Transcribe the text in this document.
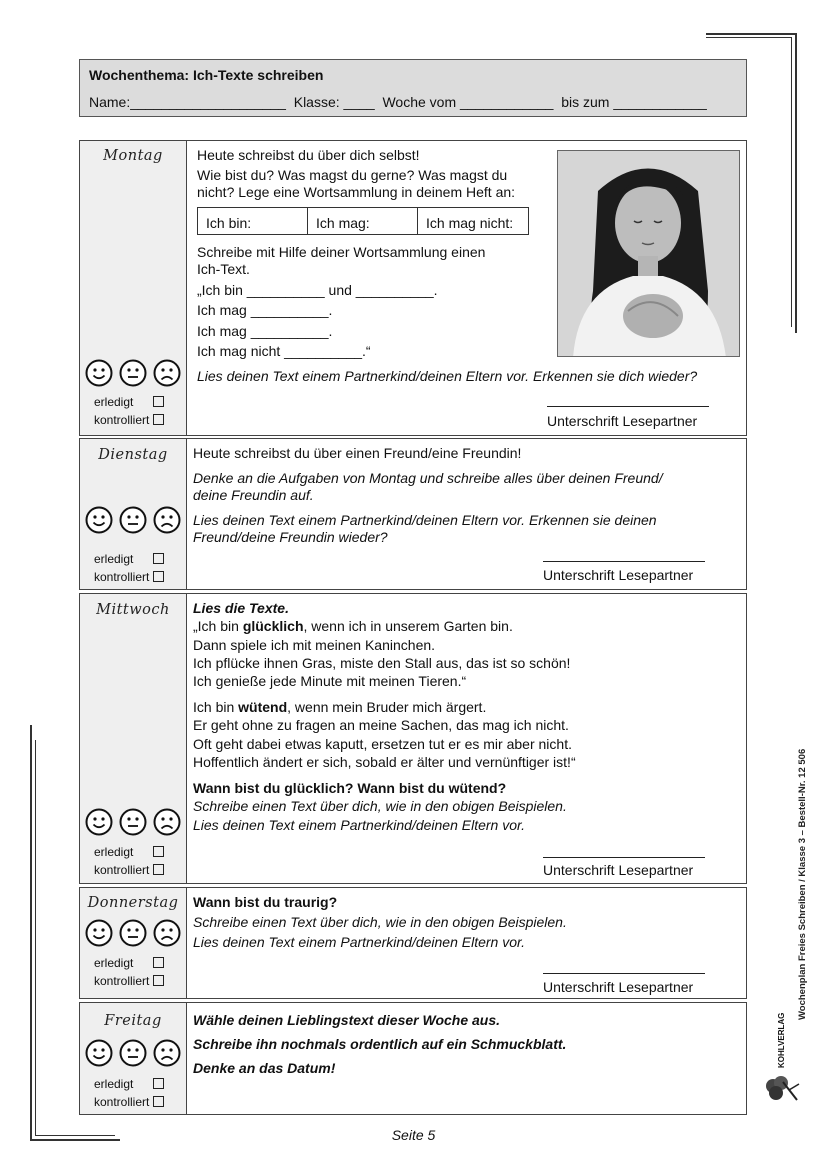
Wochenthema: Ich-Texte schreiben
Name:____________________  Klasse: ____  Woche vom ____________  bis zum ____________
Montag
erledigt
kontrolliert
Heute schreibst du über dich selbst!
Wie bist du? Was magst du gerne? Was magst du
nicht? Lege eine Wortsammlung in deinem Heft an:
Ich bin:	Ich mag:	Ich mag nicht:
Schreibe mit Hilfe deiner Wortsammlung einen
Ich-Text.
„Ich bin __________ und __________.
Ich mag __________.
Ich mag __________.
Ich mag nicht __________.“
Lies deinen Text einem Partnerkind/deinen Eltern vor. Erkennen sie dich wieder?
Unterschrift Lesepartner
Dienstag
erledigt
kontrolliert
Heute schreibst du über einen Freund/eine Freundin!
Denke an die Aufgaben von Montag und schreibe alles über deinen Freund/
deine Freundin auf.
Lies deinen Text einem Partnerkind/deinen Eltern vor. Erkennen sie deinen
Freund/deine Freundin wieder?
Unterschrift Lesepartner
Mittwoch
erledigt
kontrolliert
Lies die Texte.
„Ich bin glücklich, wenn ich in unserem Garten bin.
Dann spiele ich mit meinen Kaninchen.
Ich pflücke ihnen Gras, miste den Stall aus, das ist so schön!
Ich genieße jede Minute mit meinen Tieren.“
Ich bin wütend, wenn mein Bruder mich ärgert.
Er geht ohne zu fragen an meine Sachen, das mag ich nicht.
Oft geht dabei etwas kaputt, ersetzen tut er es mir aber nicht.
Hoffentlich ändert er sich, sobald er älter und vernünftiger ist!“
Wann bist du glücklich? Wann bist du wütend?
Schreibe einen Text über dich, wie in den obigen Beispielen.
Lies deinen Text einem Partnerkind/deinen Eltern vor.
Unterschrift Lesepartner
Donnerstag
erledigt
kontrolliert
Wann bist du traurig?
Schreibe einen Text über dich, wie in den obigen Beispielen.
Lies deinen Text einem Partnerkind/deinen Eltern vor.
Unterschrift Lesepartner
Freitag
erledigt
kontrolliert
Wähle deinen Lieblingstext dieser Woche aus.
Schreibe ihn nochmals ordentlich auf ein Schmuckblatt.
Denke an das Datum!
Wochenplan Freies Schreiben / Klasse 3 – Bestell-Nr. 12 506
KOHLVERLAG
Seite 5
